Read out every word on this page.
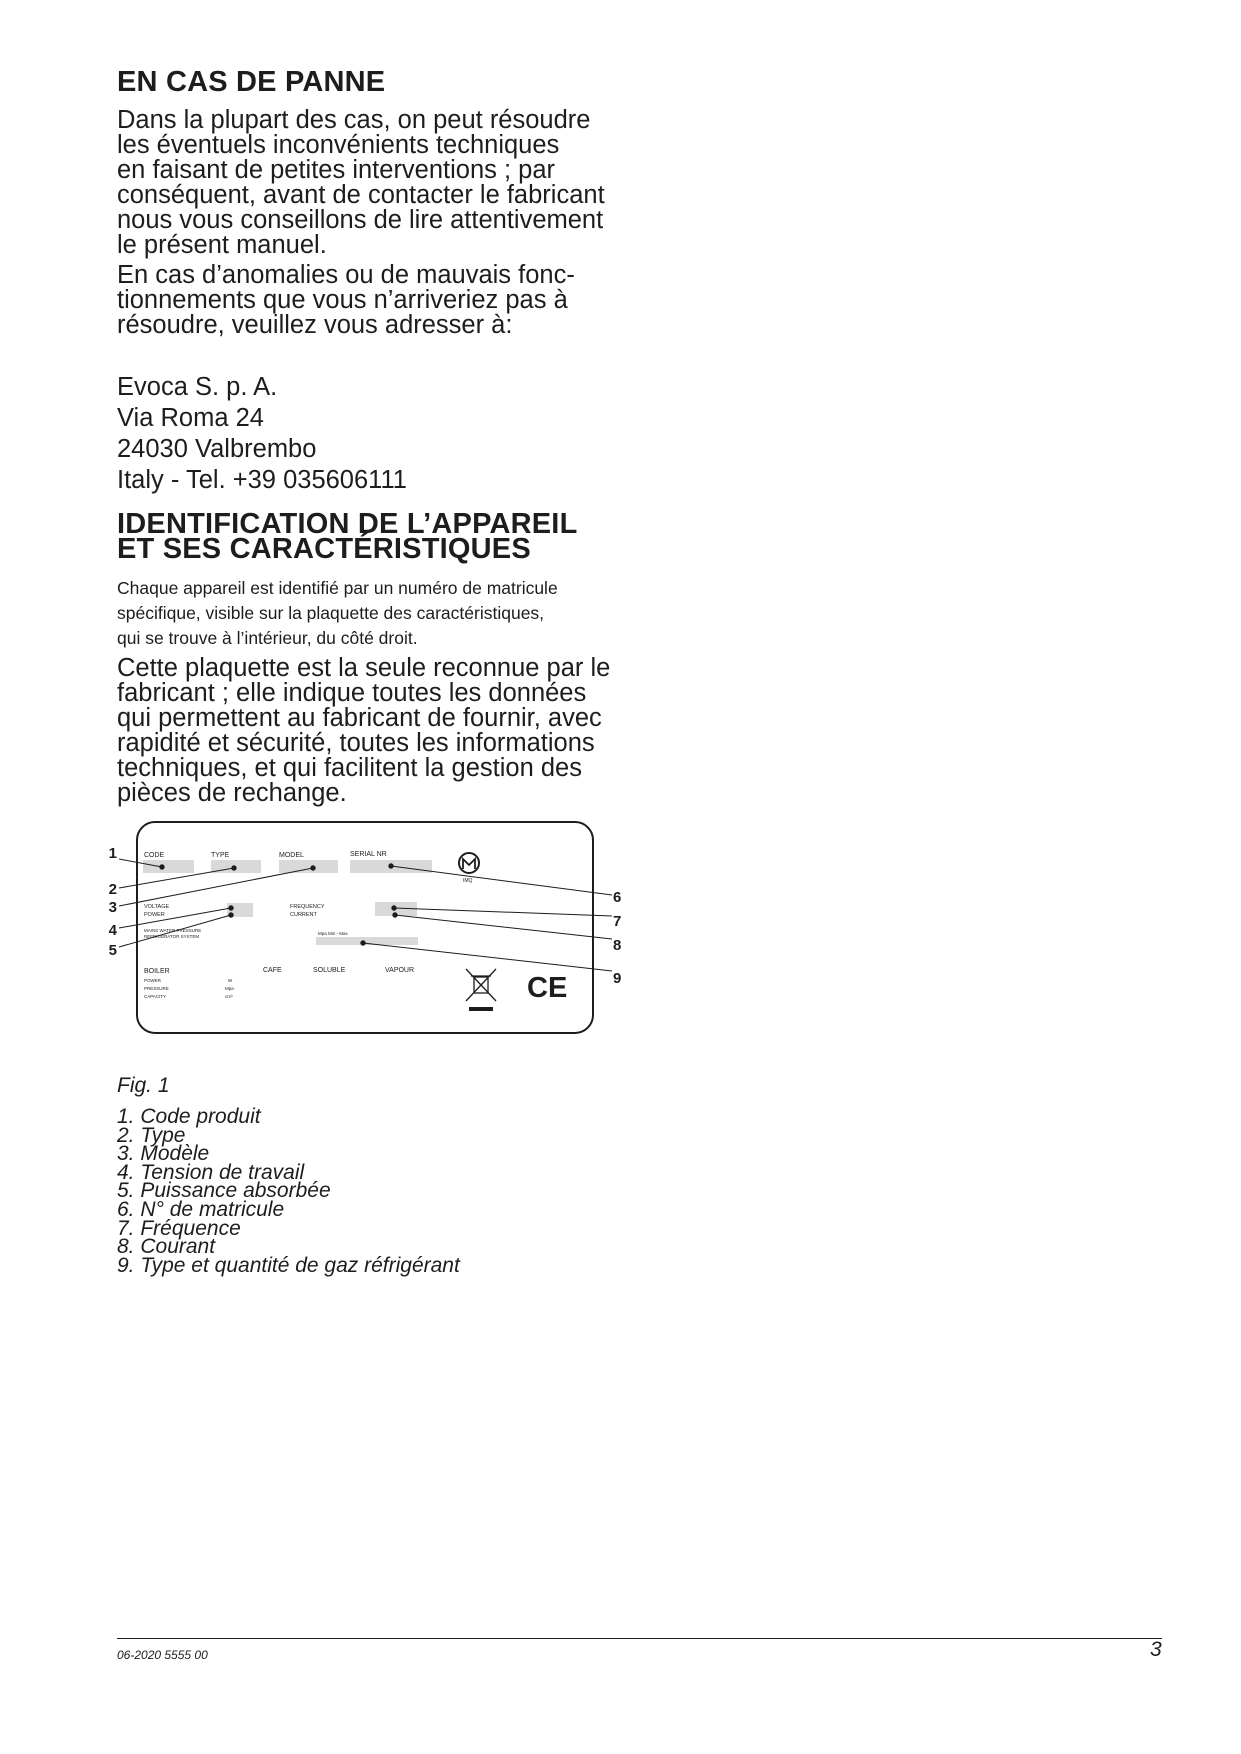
EN CAS DE PANNE
Dans la plupart des cas, on peut résoudre
les éventuels inconvénients techniques
en faisant de petites interventions ; par
conséquent, avant de contacter le fabricant
nous vous conseillons de lire attentivement
le présent manuel.
En cas d’anomalies ou de mauvais fonc-
tionnements que vous n’arriveriez pas à
résoudre, veuillez vous adresser à:
Evoca S. p. A.
Via Roma 24
24030 Valbrembo
Italy - Tel. +39 035606111
IDENTIFICATION DE L’APPAREIL
ET SES CARACTÉRISTIQUES
Chaque appareil est identifié par un numéro de matricule
spécifique, visible sur la plaquette des caractéristiques,
qui se trouve à l’intérieur, du côté droit.
Cette plaquette est la seule reconnue par le
fabricant ; elle indique toutes les données
qui permettent au fabricant de fournir, avec
rapidité et sécurité, toutes les informations
techniques, et qui facilitent la gestion des
pièces de rechange.
CODE	TYPE	MODEL	SERIAL NR
IMQ
VOLTAGE
POWER
FREQUENCY
CURRENT
MAINS WATER PRESSURE
REFRIGERATOR SYSTEM
Mpa Min - Max
BOILER	CAFE	SOLUBLE	VAPOUR
POWER
PRESSURE
CAPACITY
W
Mpa
cm³	CE
1
2
3
4
5
6
7
8
9
Fig. 1
1. Code produit
2. Type
3. Modèle
4. Tension de travail
5. Puissance absorbée
6. N° de matricule
7. Fréquence
8. Courant
9. Type et quantité de gaz réfrigérant
06-2020 5555 00	3
